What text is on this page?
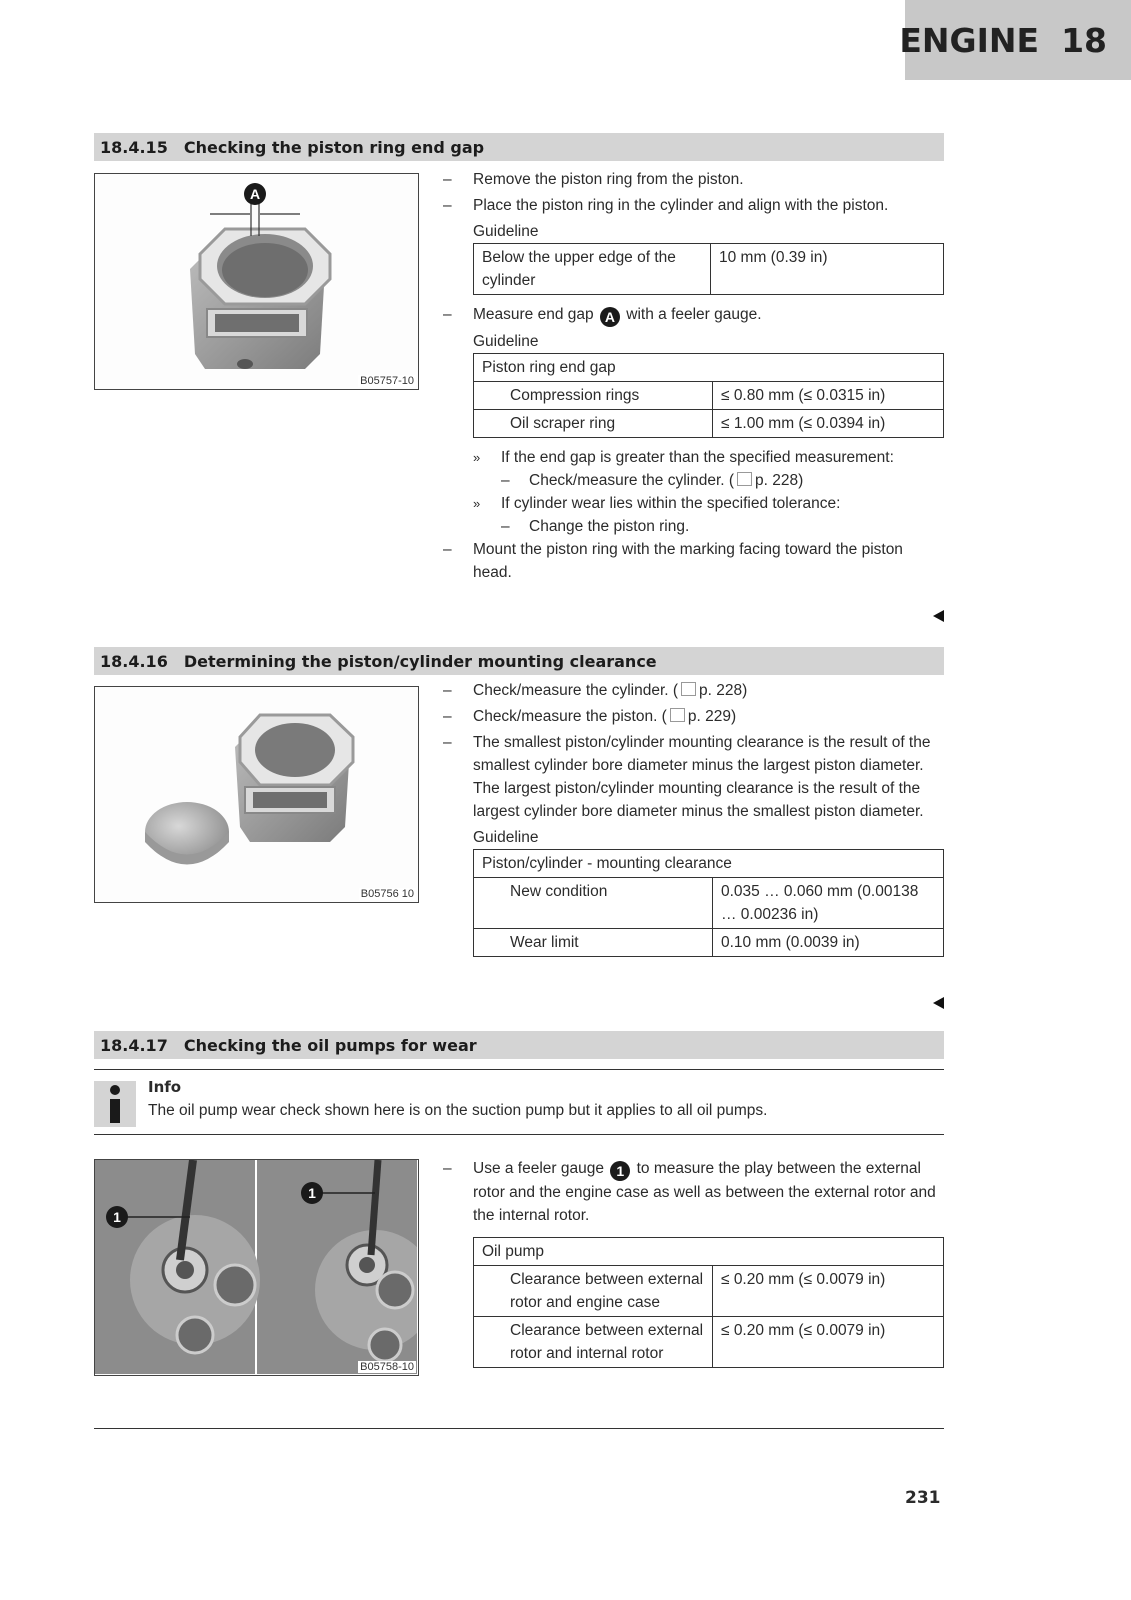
ENGINE 18
18.4.15 Checking the piston ring end gap
A
B05757-10
– Remove the piston ring from the piston.
– Place the piston ring in the cylinder and align with the piston.
Guideline
Below the upper edge of the cylinder	10 mm (0.39 in)
– Measure end gap A with a feeler gauge.
Guideline
Piston ring end gap	
Compression rings	≤ 0.80 mm (≤ 0.0315 in)
Oil scraper ring	≤ 1.00 mm (≤ 0.0394 in)
» If the end gap is greater than the specified measurement:
– Check/measure the cylinder. ( p. 228)
» If cylinder wear lies within the specified tolerance:
– Change the piston ring.
– Mount the piston ring with the marking facing toward the piston head.
18.4.16 Determining the piston/cylinder mounting clearance
B05756 10
– Check/measure the cylinder. ( p. 228)
– Check/measure the piston. ( p. 229)
– The smallest piston/cylinder mounting clearance is the result of the smallest cylinder bore diameter minus the largest piston diameter. The largest piston/cylinder mounting clearance is the result of the largest cylinder bore diameter minus the smallest piston diameter.
Guideline
Piston/cylinder - mounting clearance	
New condition	0.035 … 0.060 mm (0.00138 … 0.00236 in)
Wear limit	0.10 mm (0.0039 in)
18.4.17 Checking the oil pumps for wear
Info
The oil pump wear check shown here is on the suction pump but it applies to all oil pumps.
1
1
B05758-10
– Use a feeler gauge 1 to measure the play between the external rotor and the engine case as well as between the external rotor and the internal rotor.
Oil pump	
Clearance between external rotor and engine case	≤ 0.20 mm (≤ 0.0079 in)
Clearance between external rotor and internal rotor	≤ 0.20 mm (≤ 0.0079 in)
231
